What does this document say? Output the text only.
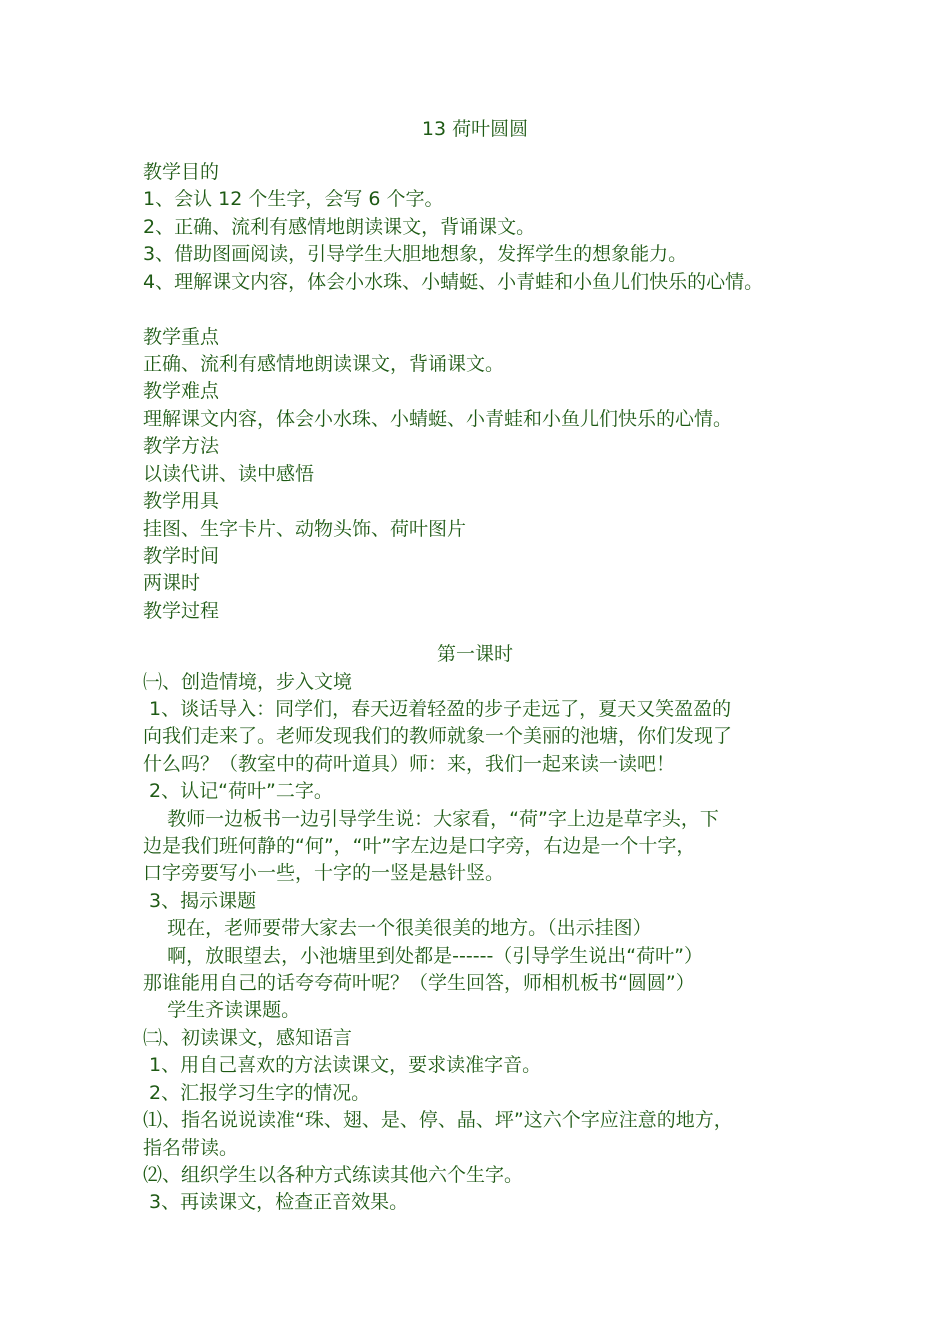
13 荷叶圆圆
教学目的
1、会认 12 个生字，会写 6 个字。
2、正确、流利有感情地朗读课文，背诵课文。
3、借助图画阅读，引导学生大胆地想象，发挥学生的想象能力。
4、理解课文内容，体会小水珠、小蜻蜓、小青蛙和小鱼儿们快乐的心情。
教学重点
正确、流利有感情地朗读课文，背诵课文。
教学难点
理解课文内容，体会小水珠、小蜻蜓、小青蛙和小鱼儿们快乐的心情。
教学方法
以读代讲、读中感悟
教学用具
挂图、生字卡片、动物头饰、荷叶图片
教学时间
两课时
教学过程
第一课时
㈠、创造情境，步入文境
1、谈话导入：同学们，春天迈着轻盈的步子走远了，夏天又笑盈盈的
向我们走来了。老师发现我们的教师就象一个美丽的池塘，你们发现了
什么吗？（教室中的荷叶道具）师：来，我们一起来读一读吧！
2、认记“荷叶”二字。
教师一边板书一边引导学生说：大家看，“荷”字上边是草字头，下
边是我们班何静的“何”，“叶”字左边是口字旁，右边是一个十字，
口字旁要写小一些，十字的一竖是悬针竖。
3、揭示课题
现在，老师要带大家去一个很美很美的地方。（出示挂图）
啊，放眼望去，小池塘里到处都是------（引导学生说出“荷叶”）
那谁能用自己的话夸夸荷叶呢？（学生回答，师相机板书“圆圆”）
学生齐读课题。
㈡、初读课文，感知语言
1、用自己喜欢的方法读课文，要求读准字音。
2、汇报学习生字的情况。
⑴、指名说说读准“珠、翅、是、停、晶、坪”这六个字应注意的地方，
指名带读。
⑵、组织学生以各种方式练读其他六个生字。
3、再读课文，检查正音效果。
